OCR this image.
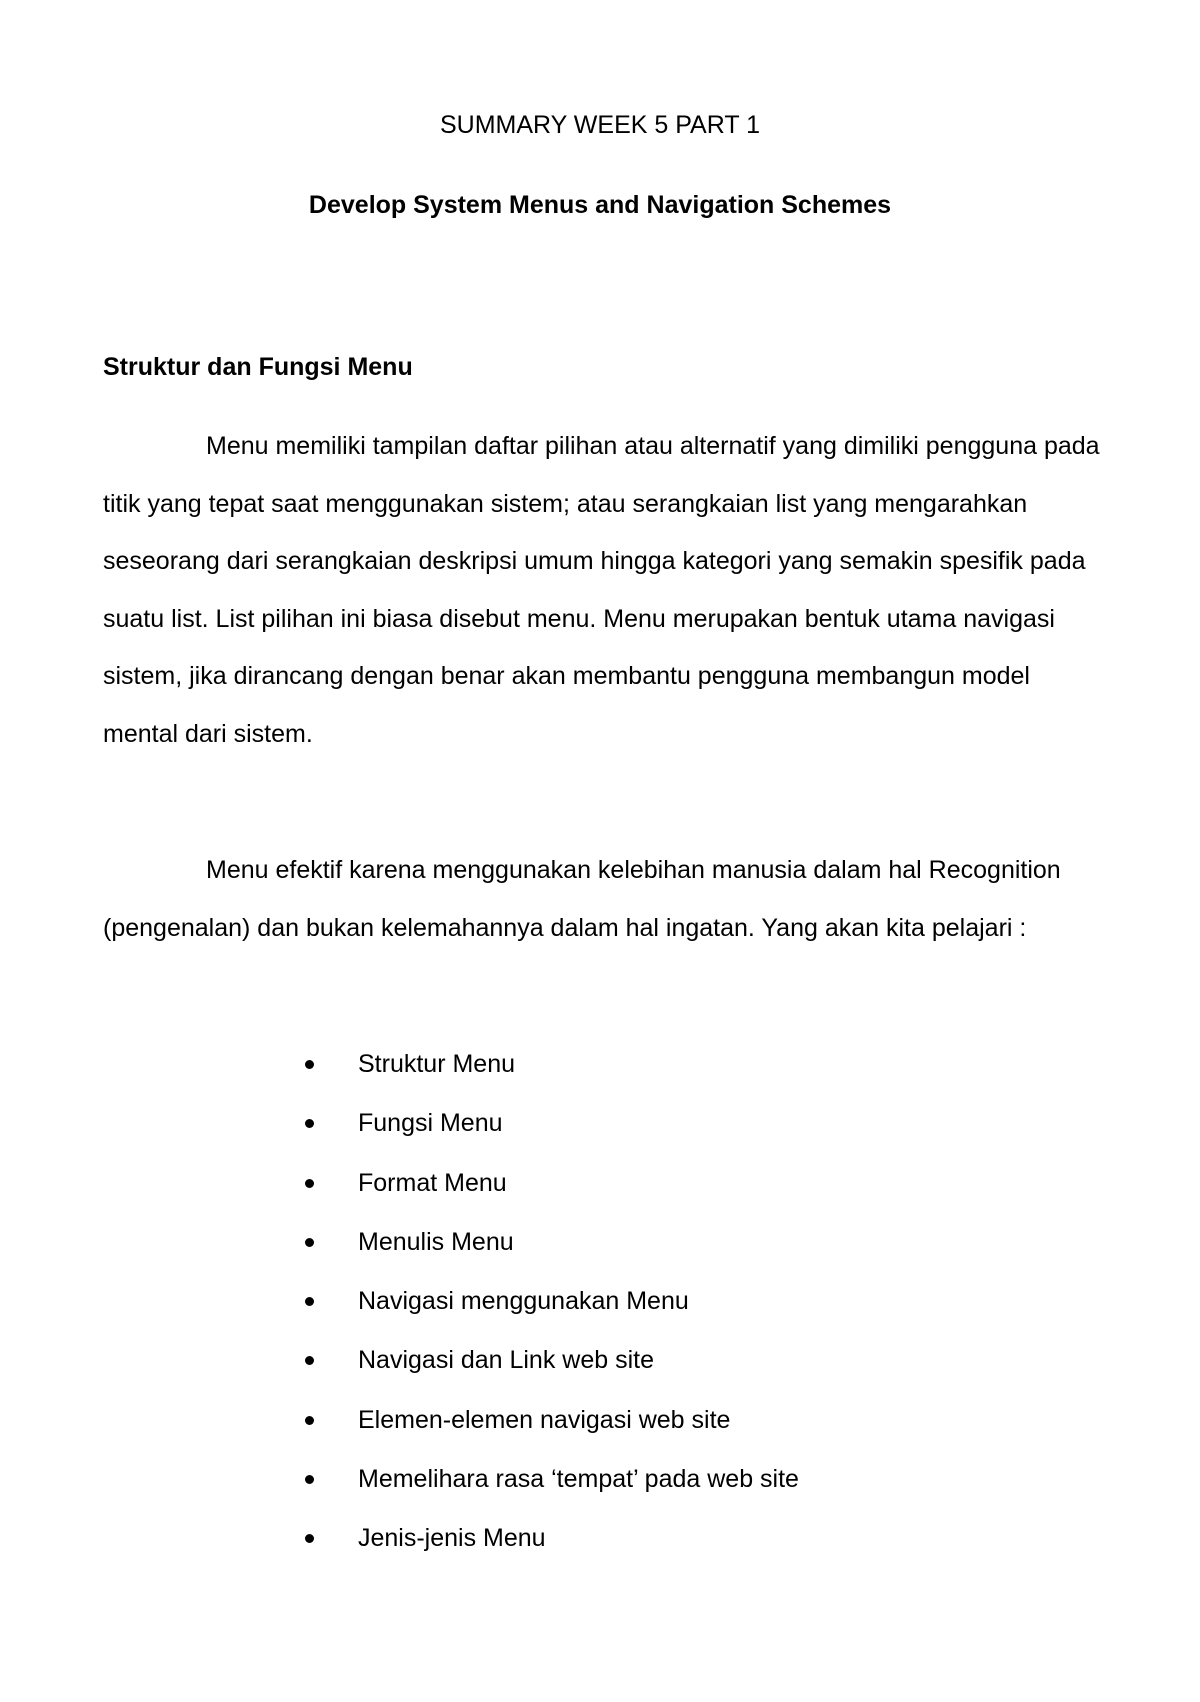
SUMMARY WEEK 5 PART 1
Develop System Menus and Navigation Schemes
Struktur dan Fungsi Menu

Menu memiliki tampilan daftar pilihan atau alternatif yang dimiliki pengguna pada titik yang tepat saat menggunakan sistem; atau serangkaian list yang mengarahkan seseorang dari serangkaian deskripsi umum hingga kategori yang semakin spesifik pada suatu list. List pilihan ini biasa disebut menu. Menu merupakan bentuk utama navigasi sistem, jika dirancang dengan benar akan membantu pengguna membangun model mental dari sistem.

Menu efektif karena menggunakan kelebihan manusia dalam hal Recognition (pengenalan) dan bukan kelemahannya dalam hal ingatan. Yang akan kita pelajari :

Struktur Menu
Fungsi Menu
Format Menu
Menulis Menu
Navigasi menggunakan Menu
Navigasi dan Link web site
Elemen-elemen navigasi web site
Memelihara rasa ‘tempat’ pada web site
Jenis-jenis Menu
